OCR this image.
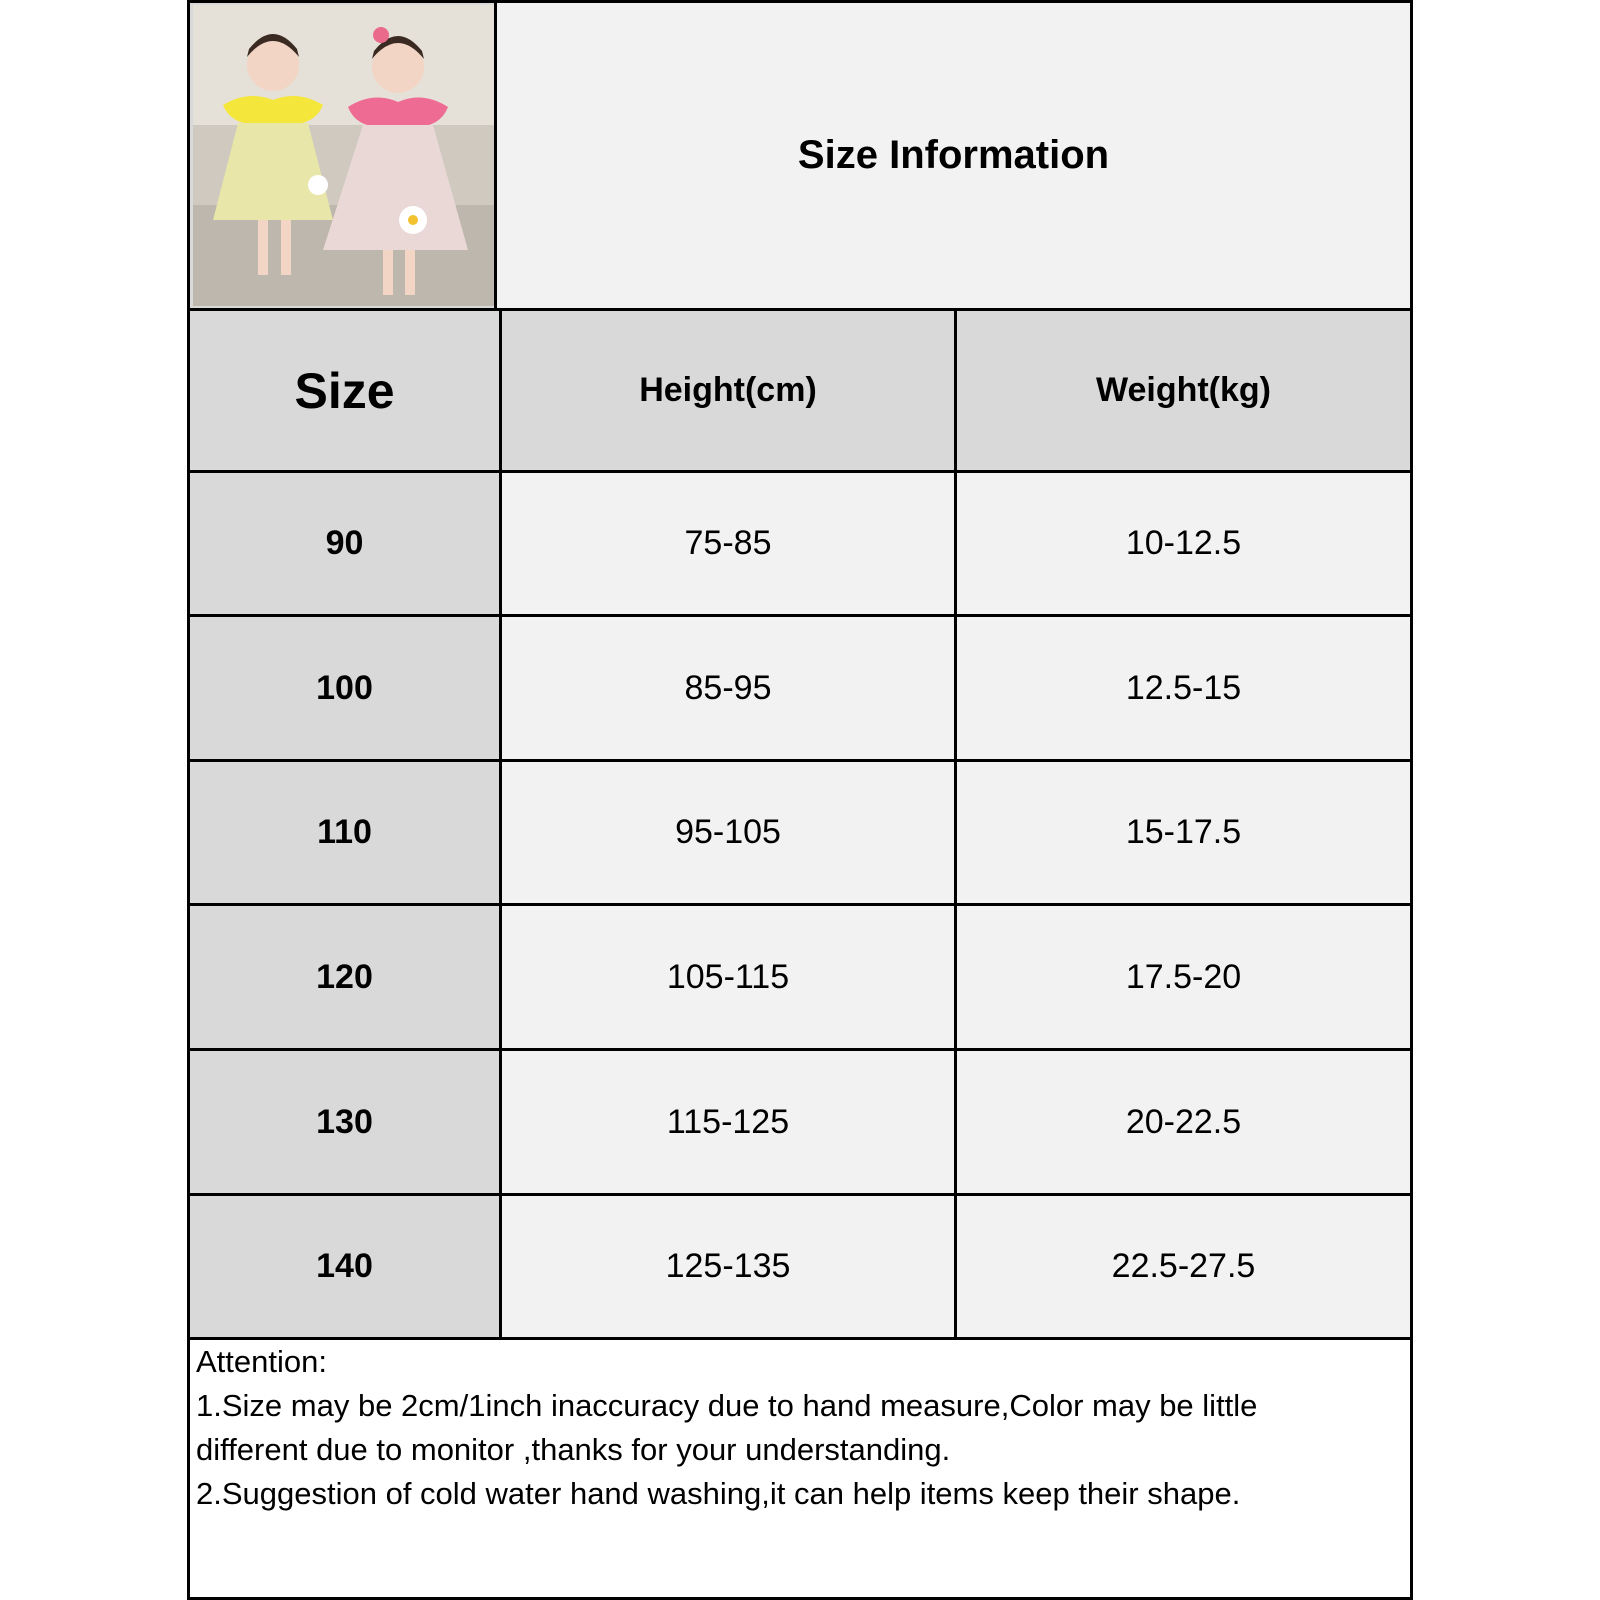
Size Information
Size	Height(cm)	Weight(kg)
90	75-85	10-12.5
100	85-95	12.5-15
110	95-105	15-17.5
120	105-115	17.5-20
130	115-125	20-22.5
140	125-135	22.5-27.5
Attention:
1.Size may be 2cm/1inch inaccuracy due to hand measure,Color may be little
different due to monitor ,thanks for your understanding.
2.Suggestion of cold water hand washing,it can help items keep their shape.
